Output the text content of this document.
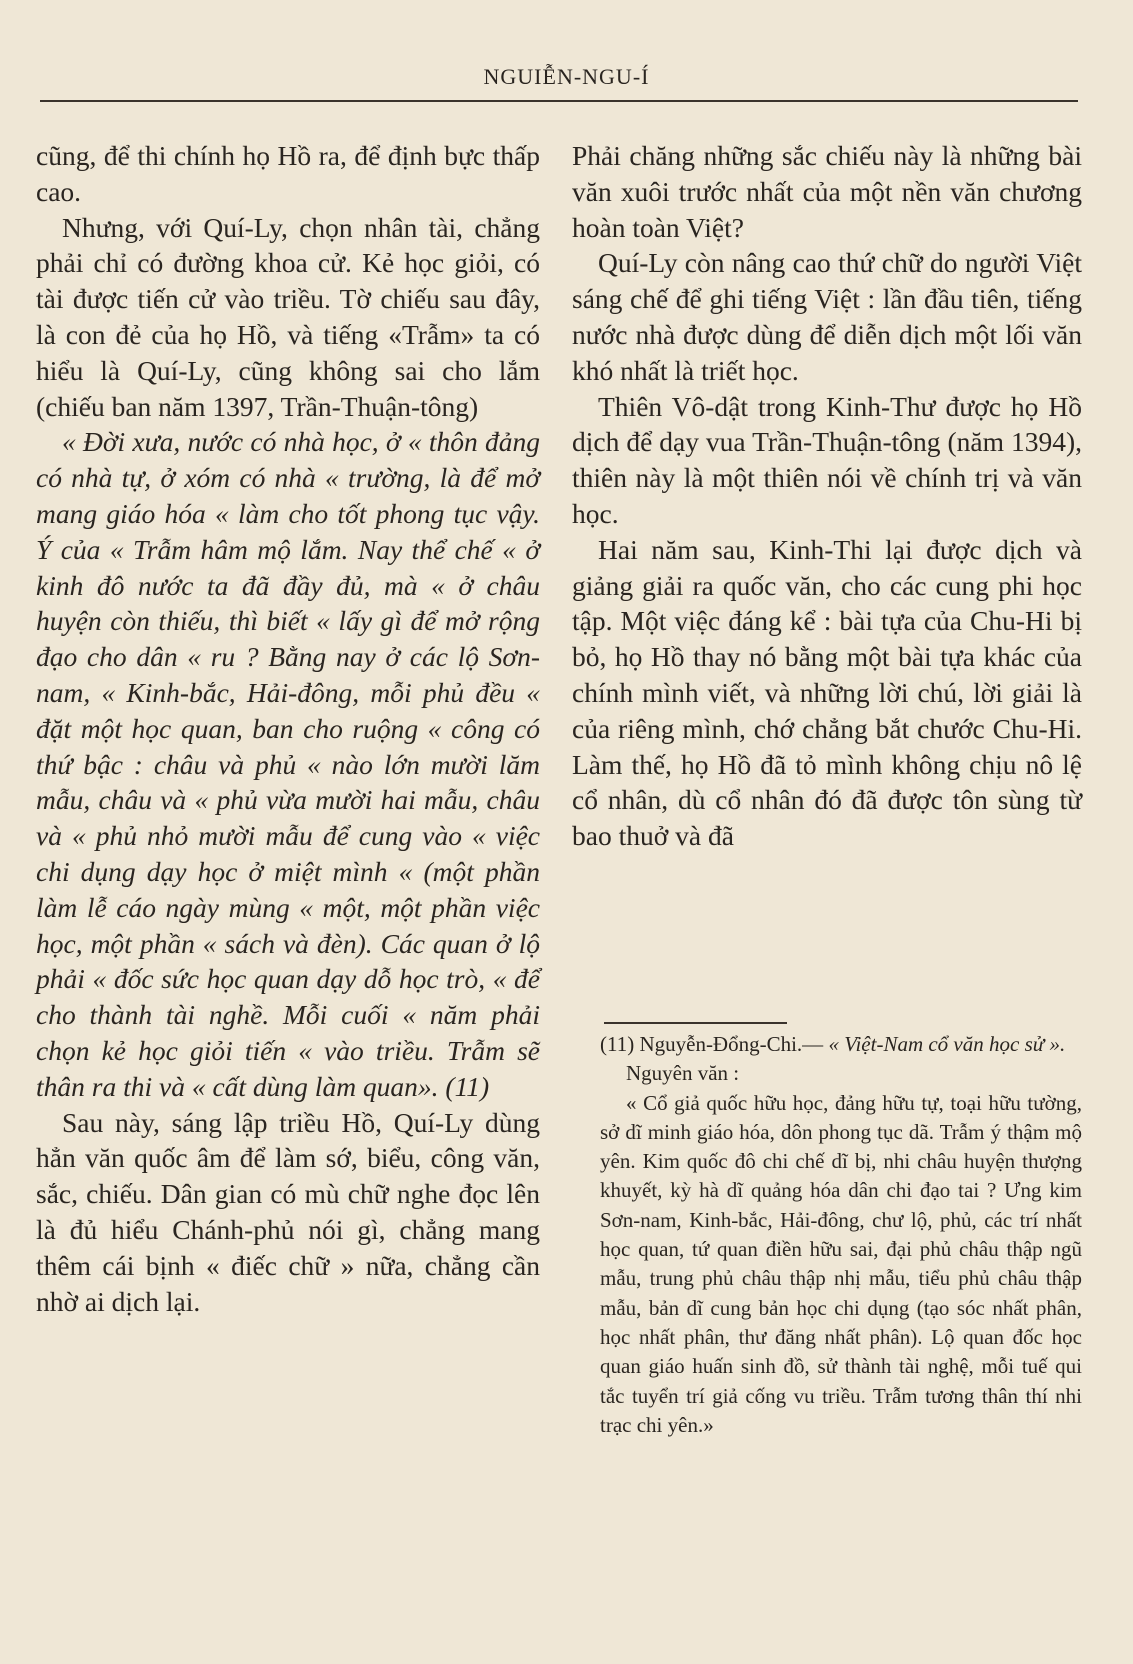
NGUIỄN-NGU-Í

cũng, để thi chính họ Hồ ra, để định bực thấp cao.

Nhưng, với Quí-Ly, chọn nhân tài, chẳng phải chỉ có đường khoa cử. Kẻ học giỏi, có tài được tiến cử vào triều. Tờ chiếu sau đây, là con đẻ của họ Hồ, và tiếng «Trẫm» ta có hiểu là Quí-Ly, cũng không sai cho lắm (chiếu ban năm 1397, Trần-Thuận-tông)

« Đời xưa, nước có nhà học, ở « thôn đảng có nhà tự, ở xóm có nhà « trường, là để mở mang giáo hóa « làm cho tốt phong tục vậy. Ý của « Trẫm hâm mộ lắm. Nay thể chế « ở kinh đô nước ta đã đầy đủ, mà « ở châu huyện còn thiếu, thì biết « lấy gì để mở rộng đạo cho dân « ru ? Bằng nay ở các lộ Sơn-nam, « Kinh-bắc, Hải-đông, mỗi phủ đều « đặt một học quan, ban cho ruộng « công có thứ bậc : châu và phủ « nào lớn mười lăm mẫu, châu và « phủ vừa mười hai mẫu, châu và « phủ nhỏ mười mẫu để cung vào « việc chi dụng dạy học ở miệt mình « (một phần làm lễ cáo ngày mùng « một, một phần việc học, một phần « sách và đèn). Các quan ở lộ phải « đốc sức học quan dạy dỗ học trò, « để cho thành tài nghề. Mỗi cuối « năm phải chọn kẻ học giỏi tiến « vào triều. Trẫm sẽ thân ra thi và « cất dùng làm quan». (11)

Sau này, sáng lập triều Hồ, Quí-Ly dùng hẳn văn quốc âm để làm sớ, biểu, công văn, sắc, chiếu. Dân gian có mù chữ nghe đọc lên là đủ hiểu Chánh-phủ nói gì, chẳng mang thêm cái bịnh « điếc chữ » nữa, chẳng cần nhờ ai dịch lại.

Phải chăng những sắc chiếu này là những bài văn xuôi trước nhất của một nền văn chương hoàn toàn Việt?

Quí-Ly còn nâng cao thứ chữ do người Việt sáng chế để ghi tiếng Việt : lần đầu tiên, tiếng nước nhà được dùng để diễn dịch một lối văn khó nhất là triết học.

Thiên Vô-dật trong Kinh-Thư được họ Hồ dịch để dạy vua Trần-Thuận-tông (năm 1394), thiên này là một thiên nói về chính trị và văn học.

Hai năm sau, Kinh-Thi lại được dịch và giảng giải ra quốc văn, cho các cung phi học tập. Một việc đáng kể : bài tựa của Chu-Hi bị bỏ, họ Hồ thay nó bằng một bài tựa khác của chính mình viết, và những lời chú, lời giải là của riêng mình, chớ chẳng bắt chước Chu-Hi. Làm thế, họ Hồ đã tỏ mình không chịu nô lệ cổ nhân, dù cổ nhân đó đã được tôn sùng từ bao thuở và đã

(11) Nguyễn-Đổng-Chi.— « Việt-Nam cổ văn học sử ».

Nguyên văn :

« Cổ giả quốc hữu học, đảng hữu tự, toại hữu tường, sở dĩ minh giáo hóa, dôn phong tục dã. Trẫm ý thậm mộ yên. Kim quốc đô chi chế dĩ bị, nhi châu huyện thượng khuyết, kỳ hà dĩ quảng hóa dân chi đạo tai ? Ưng kim Sơn-nam, Kinh-bắc, Hải-đông, chư lộ, phủ, các trí nhất học quan, tứ quan điền hữu sai, đại phủ châu thập ngũ mẫu, trung phủ châu thập nhị mẫu, tiểu phủ châu thập mẫu, bản dĩ cung bản học chi dụng (tạo sóc nhất phân, học nhất phân, thư đăng nhất phân). Lộ quan đốc học quan giáo huấn sinh đồ, sử thành tài nghệ, mỗi tuế qui tắc tuyển trí giả cống vu triều. Trẫm tương thân thí nhi trạc chi yên.»
